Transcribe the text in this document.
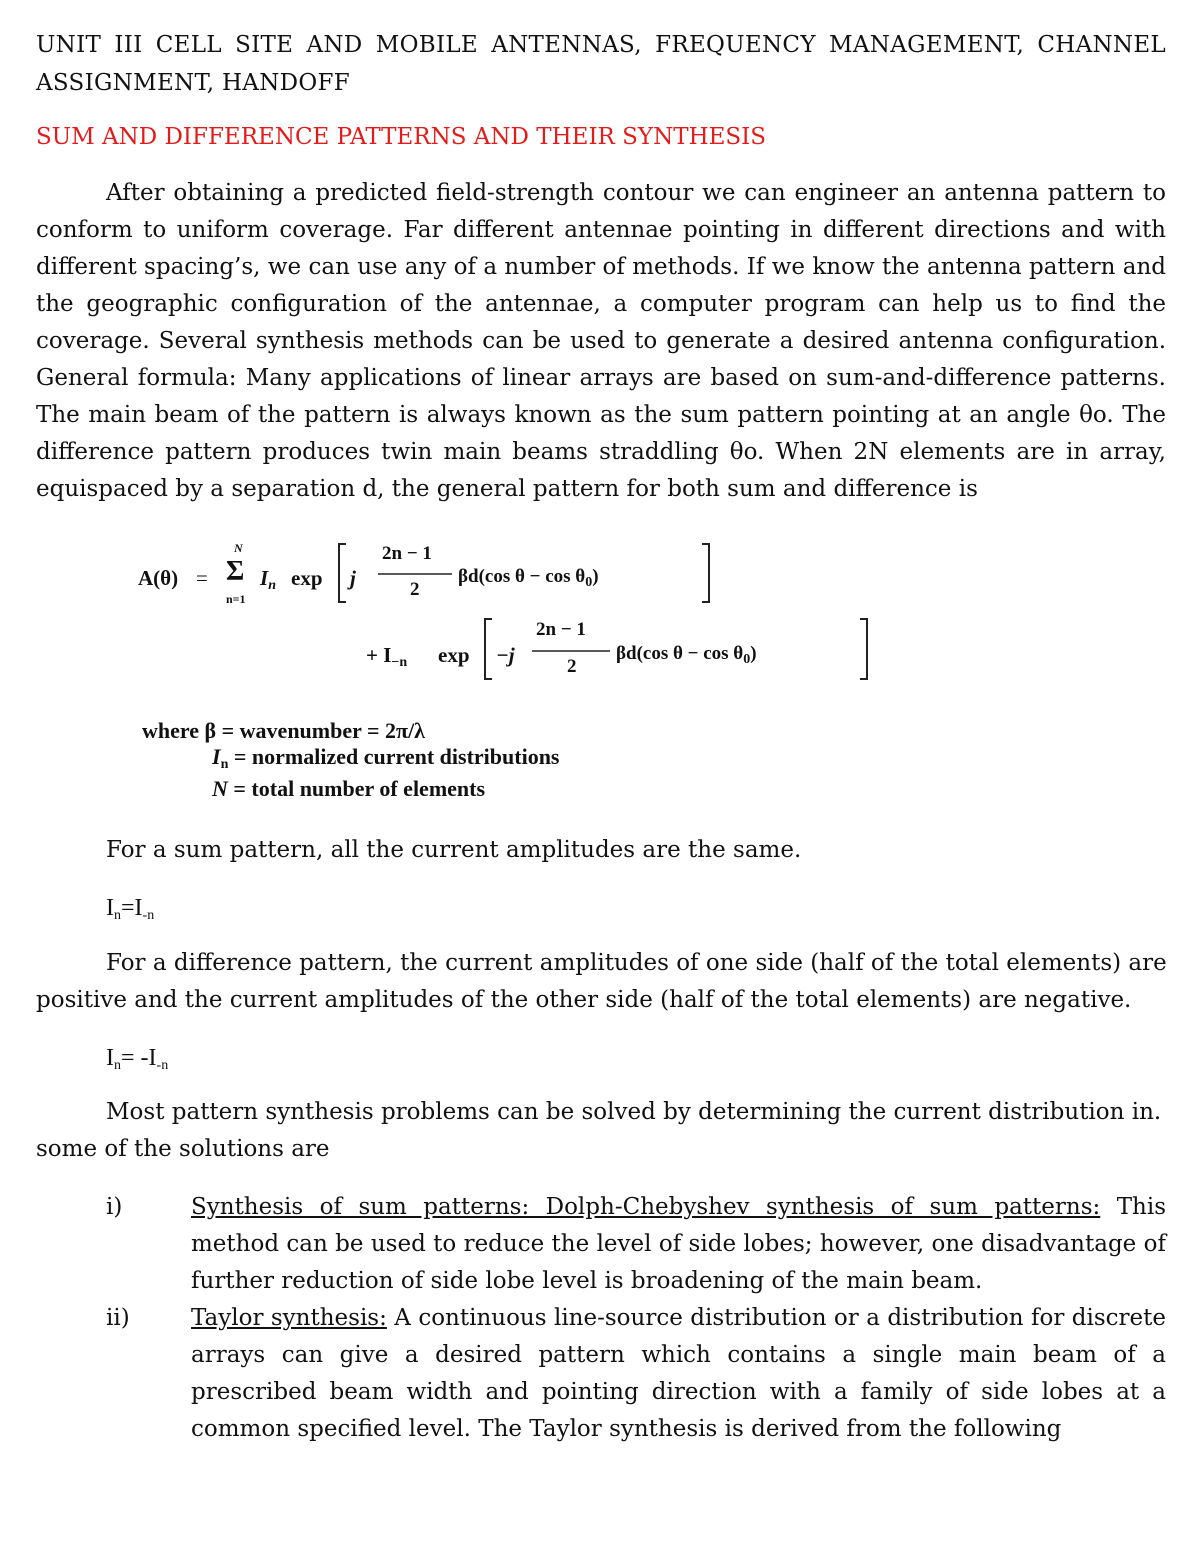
UNIT III CELL SITE AND MOBILE ANTENNAS, FREQUENCY MANAGEMENT, CHANNEL ASSIGNMENT, HANDOFF
SUM AND DIFFERENCE PATTERNS AND THEIR SYNTHESIS
After obtaining a predicted field-strength contour we can engineer an antenna pattern to conform to uniform coverage. Far different antennae pointing in different directions and with different spacing’s, we can use any of a number of methods. If we know the antenna pattern and the geographic configuration of the antennae, a computer program can help us to find the coverage. Several synthesis methods can be used to generate a desired antenna configuration. General formula: Many applications of linear arrays are based on sum-and-difference patterns. The main beam of the pattern is always known as the sum pattern pointing at an angle θo. The difference pattern produces twin main beams straddling θo. When 2N elements are in array, equispaced by a separation d, the general pattern for both sum and difference is
A(θ) =
N
Σ
n=1
$I_n$ exp j
2n − 1
2
βd(cos $\theta - \cos \theta_0$)
+ $I_{-n}$ exp −j
2n − 1
2
βd(cos $\theta - \cos \theta_0$)
where β = wavenumber = 2π/λ
$I_n$ = normalized current distributions
N = total number of elements
For a sum pattern, all the current amplitudes are the same.
$I_n=I_{-n}$
For a difference pattern, the current amplitudes of one side (half of the total elements) are
positive and the current amplitudes of the other side (half of the total elements) are negative.
$I_n= -I_{-n}$
Most pattern synthesis problems can be solved by determining the current distribution in.
some of the solutions are
i)	Synthesis of sum patterns: Dolph-Chebyshev synthesis of sum patterns: This method can be used to reduce the level of side lobes; however, one disadvantage of further reduction of side lobe level is broadening of the main beam.
ii)	Taylor synthesis: A continuous line-source distribution or a distribution for discrete arrays can give a desired pattern which contains a single main beam of a prescribed beam width and pointing direction with a family of side lobes at a common specified level. The Taylor synthesis is derived from the following
